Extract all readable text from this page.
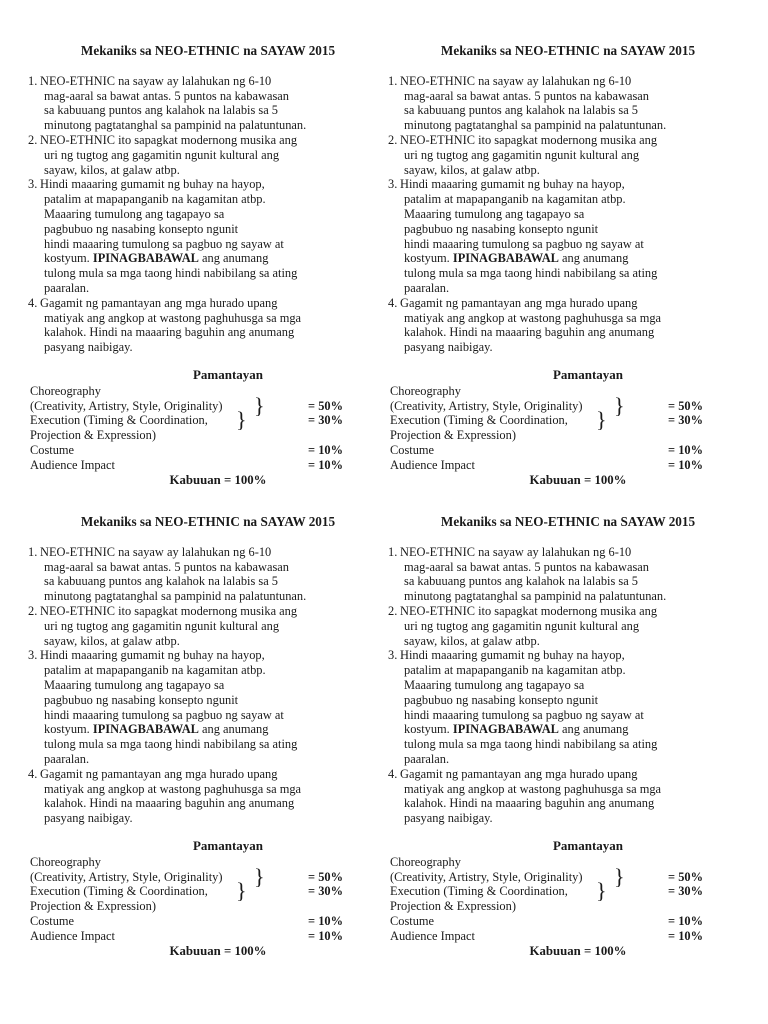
Mekaniks sa NEO-ETHNIC na SAYAW 2015
1. NEO-ETHNIC na sayaw ay lalahukan ng 6-10
mag-aaral sa bawat antas. 5 puntos na kabawasan
sa kabuuang puntos ang kalahok na lalabis sa 5
minutong pagtatanghal sa pampinid na palatuntunan.
2. NEO-ETHNIC ito sapagkat modernong musika ang
uri ng tugtog ang gagamitin ngunit kultural ang
sayaw, kilos, at galaw atbp.
3. Hindi maaaring gumamit ng buhay na hayop,
patalim at mapapanganib na kagamitan atbp.
Maaaring tumulong ang tagapayo sa
pagbubuo ng nasabing konsepto ngunit
hindi maaaring tumulong sa pagbuo ng sayaw at
kostyum. IPINAGBABAWAL ang anumang
tulong mula sa mga taong hindi nabibilang sa ating
paaralan.
4. Gagamit ng pamantayan ang mga hurado upang
matiyak ang angkop at wastong paghuhusga sa mga
kalahok. Hindi na maaaring baguhin ang anumang
pasyang naibigay.
Pamantayan
Choreography
(Creativity, Artistry, Style, Originality) }	= 50%
Execution (Timing & Coordination, }	= 30%
Projection & Expression)
Costume	= 10%
Audience Impact	= 10%
Kabuuan = 100%
Mekaniks sa NEO-ETHNIC na SAYAW 2015
1. NEO-ETHNIC na sayaw ay lalahukan ng 6-10
mag-aaral sa bawat antas. 5 puntos na kabawasan
sa kabuuang puntos ang kalahok na lalabis sa 5
minutong pagtatanghal sa pampinid na palatuntunan.
2. NEO-ETHNIC ito sapagkat modernong musika ang
uri ng tugtog ang gagamitin ngunit kultural ang
sayaw, kilos, at galaw atbp.
3. Hindi maaaring gumamit ng buhay na hayop,
patalim at mapapanganib na kagamitan atbp.
Maaaring tumulong ang tagapayo sa
pagbubuo ng nasabing konsepto ngunit
hindi maaaring tumulong sa pagbuo ng sayaw at
kostyum. IPINAGBABAWAL ang anumang
tulong mula sa mga taong hindi nabibilang sa ating
paaralan.
4. Gagamit ng pamantayan ang mga hurado upang
matiyak ang angkop at wastong paghuhusga sa mga
kalahok. Hindi na maaaring baguhin ang anumang
pasyang naibigay.
Pamantayan
Choreography
(Creativity, Artistry, Style, Originality) }	= 50%
Execution (Timing & Coordination, }	= 30%
Projection & Expression)
Costume	= 10%
Audience Impact	= 10%
Kabuuan = 100%
Mekaniks sa NEO-ETHNIC na SAYAW 2015
1. NEO-ETHNIC na sayaw ay lalahukan ng 6-10
mag-aaral sa bawat antas. 5 puntos na kabawasan
sa kabuuang puntos ang kalahok na lalabis sa 5
minutong pagtatanghal sa pampinid na palatuntunan.
2. NEO-ETHNIC ito sapagkat modernong musika ang
uri ng tugtog ang gagamitin ngunit kultural ang
sayaw, kilos, at galaw atbp.
3. Hindi maaaring gumamit ng buhay na hayop,
patalim at mapapanganib na kagamitan atbp.
Maaaring tumulong ang tagapayo sa
pagbubuo ng nasabing konsepto ngunit
hindi maaaring tumulong sa pagbuo ng sayaw at
kostyum. IPINAGBABAWAL ang anumang
tulong mula sa mga taong hindi nabibilang sa ating
paaralan.
4. Gagamit ng pamantayan ang mga hurado upang
matiyak ang angkop at wastong paghuhusga sa mga
kalahok. Hindi na maaaring baguhin ang anumang
pasyang naibigay.
Pamantayan
Choreography
(Creativity, Artistry, Style, Originality) }	= 50%
Execution (Timing & Coordination, }	= 30%
Projection & Expression)
Costume	= 10%
Audience Impact	= 10%
Kabuuan = 100%
Mekaniks sa NEO-ETHNIC na SAYAW 2015
1. NEO-ETHNIC na sayaw ay lalahukan ng 6-10
mag-aaral sa bawat antas. 5 puntos na kabawasan
sa kabuuang puntos ang kalahok na lalabis sa 5
minutong pagtatanghal sa pampinid na palatuntunan.
2. NEO-ETHNIC ito sapagkat modernong musika ang
uri ng tugtog ang gagamitin ngunit kultural ang
sayaw, kilos, at galaw atbp.
3. Hindi maaaring gumamit ng buhay na hayop,
patalim at mapapanganib na kagamitan atbp.
Maaaring tumulong ang tagapayo sa
pagbubuo ng nasabing konsepto ngunit
hindi maaaring tumulong sa pagbuo ng sayaw at
kostyum. IPINAGBABAWAL ang anumang
tulong mula sa mga taong hindi nabibilang sa ating
paaralan.
4. Gagamit ng pamantayan ang mga hurado upang
matiyak ang angkop at wastong paghuhusga sa mga
kalahok. Hindi na maaaring baguhin ang anumang
pasyang naibigay.
Pamantayan
Choreography
(Creativity, Artistry, Style, Originality) }	= 50%
Execution (Timing & Coordination, }	= 30%
Projection & Expression)
Costume	= 10%
Audience Impact	= 10%
Kabuuan = 100%
